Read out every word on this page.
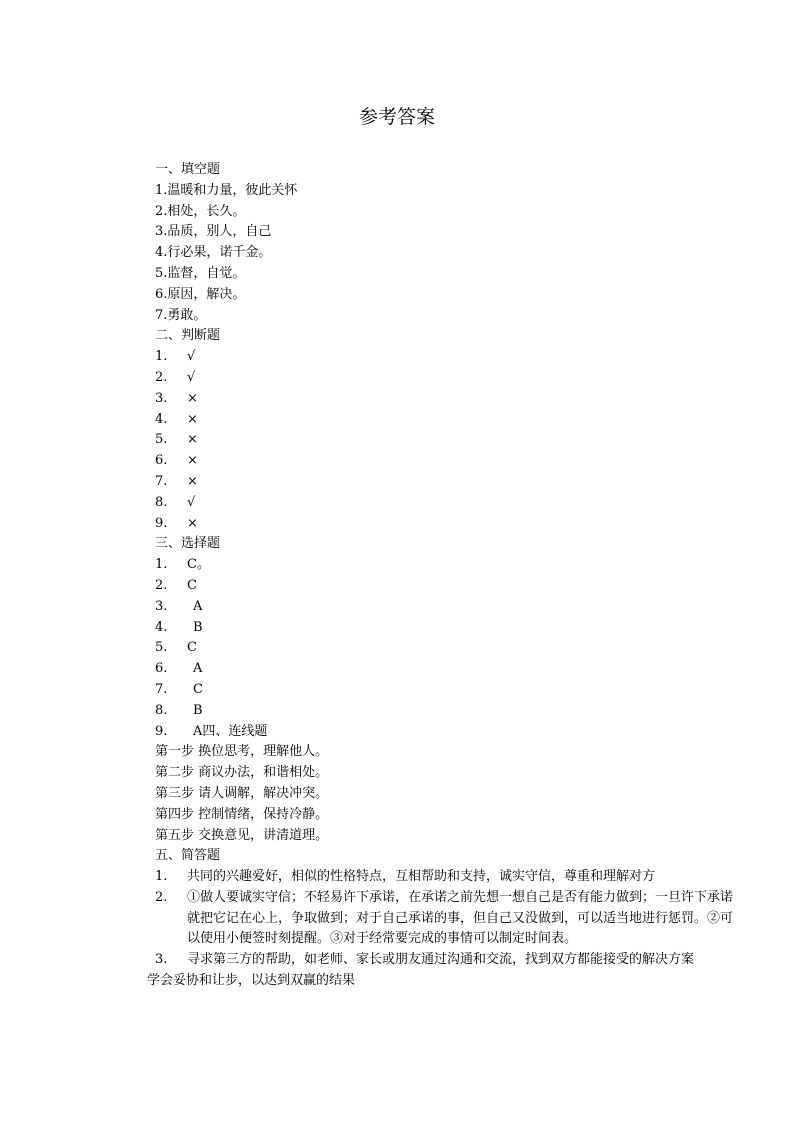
参考答案
一、填空题
1.温暖和力量，彼此关怀
2.相处，长久。
3.品质，别人，自己
4.行必果，诺千金。
5.监督，自觉。
6.原因，解决。
7.勇敢。
二、判断题
1. √
2. √
3. ×
4. ×
5. ×
6. ×
7. ×
8. √
9. ×
三、选择题
1. C。
2. C
3. A
4. B
5. C
6. A
7. C
8. B
9. A四、连线题
第一步 换位思考，理解他人。
第二步 商议办法，和谐相处。
第三步 请人调解，解决冲突。
第四步 控制情绪，保持冷静。
第五步 交换意见，讲清道理。
五、简答题
1. 共同的兴趣爱好，相似的性格特点，互相帮助和支持，诚实守信，尊重和理解对方
2. ①做人要诚实守信；不轻易许下承诺，在承诺之前先想一想自己是否有能力做到；一旦许下承诺就把它记在心上，争取做到；对于自己承诺的事，但自己又没做到，可以适当地进行惩罚。②可以使用小便签时刻提醒。③对于经常要完成的事情可以制定时间表。
3. 寻求第三方的帮助，如老师、家长或朋友通过沟通和交流，找到双方都能接受的解决方案
学会妥协和让步，以达到双赢的结果
